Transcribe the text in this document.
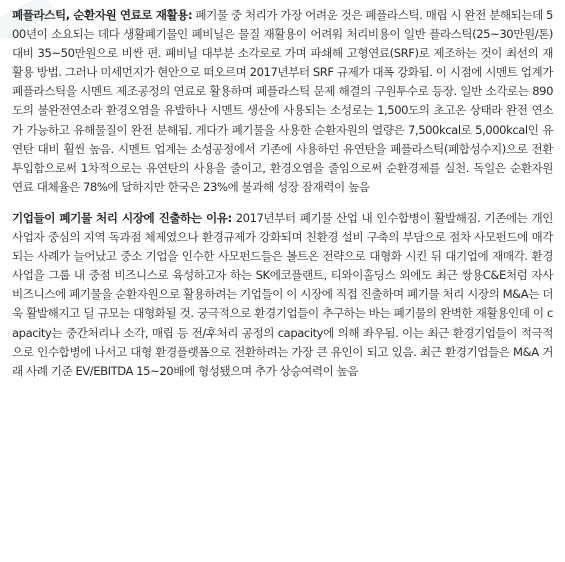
폐플라스틱, 순환자원 연료로 재활용: 폐기물 중 처리가 가장 어려운 것은 폐플라스틱. 매립 시 완전 분해되는데 500년이 소요되는 데다 생활폐기물인 폐비닐은 물질 재활용이 어려워 처리비용이 일반 플라스틱(25~30만원/톤) 대비 35~50만원으로 비싼 편. 폐비닐 대부분 소각로로 가며 파쇄해 고형연료(SRF)로 제조하는 것이 최선의 재활용 방법. 그러나 미세먼지가 현안으로 떠오르며 2017년부터 SRF 규제가 대폭 강화됨. 이 시점에 시멘트 업계가 폐플라스틱을 시멘트 제조공정의 연료로 활용하며 폐플라스틱 문제 해결의 구원투수로 등장. 일반 소각로는 890도의 불완전연소라 환경오염을 유발하나 시멘트 생산에 사용되는 소성로는 1,500도의 초고온 상태라 완전 연소가 가능하고 유해물질이 완전 분해됨. 게다가 폐기물을 사용한 순환자원의 열량은 7,500kcal로 5,000kcal인 유연탄 대비 훨씬 높음. 시멘트 업계는 소성공정에서 기존에 사용하던 유연탄을 폐플라스틱(폐합성수지)으로 전환 투입함으로써 1차적으로는 유연탄의 사용을 줄이고, 환경오염을 줄임으로써 순환경제를 실천. 독일은 순환자원 연료 대체율은 78%에 달하지만 한국은 23%에 불과해 성장 잠재력이 높음

기업들이 폐기물 처리 시장에 진출하는 이유: 2017년부터 폐기물 산업 내 인수합병이 활발해짐. 기존에는 개인사업자 중심의 지역 독과점 체제였으나 환경규제가 강화되며 친환경 설비 구축의 부담으로 점차 사모펀드에 매각되는 사례가 늘어났고 중소 기업을 인수한 사모펀드들은 볼트온 전략으로 대형화 시킨 뒤 대기업에 재매각. 환경사업을 그룹 내 중점 비즈니스로 육성하고자 하는 SK에코플랜트, 티와이홀딩스 외에도 최근 쌍용C&E처럼 자사 비즈니스에 폐기물을 순환자원으로 활용하려는 기업들이 이 시장에 직접 진출하며 폐기물 처리 시장의 M&A는 더욱 활발해지고 딜 규모는 대형화될 것. 궁극적으로 환경기업들이 추구하는 바는 폐기물의 완벽한 재활용인데 이 capacity는 중간처리나 소각, 매립 등 전/후처리 공정의 capacity에 의해 좌우됨. 이는 최근 환경기업들이 적극적으로 인수합병에 나서고 대형 환경플랫폼으로 전환하려는 가장 큰 유인이 되고 있음. 최근 환경기업들은 M&A 거래 사례 기준 EV/EBITDA 15~20배에 형성됐으며 추가 상승여력이 높음
